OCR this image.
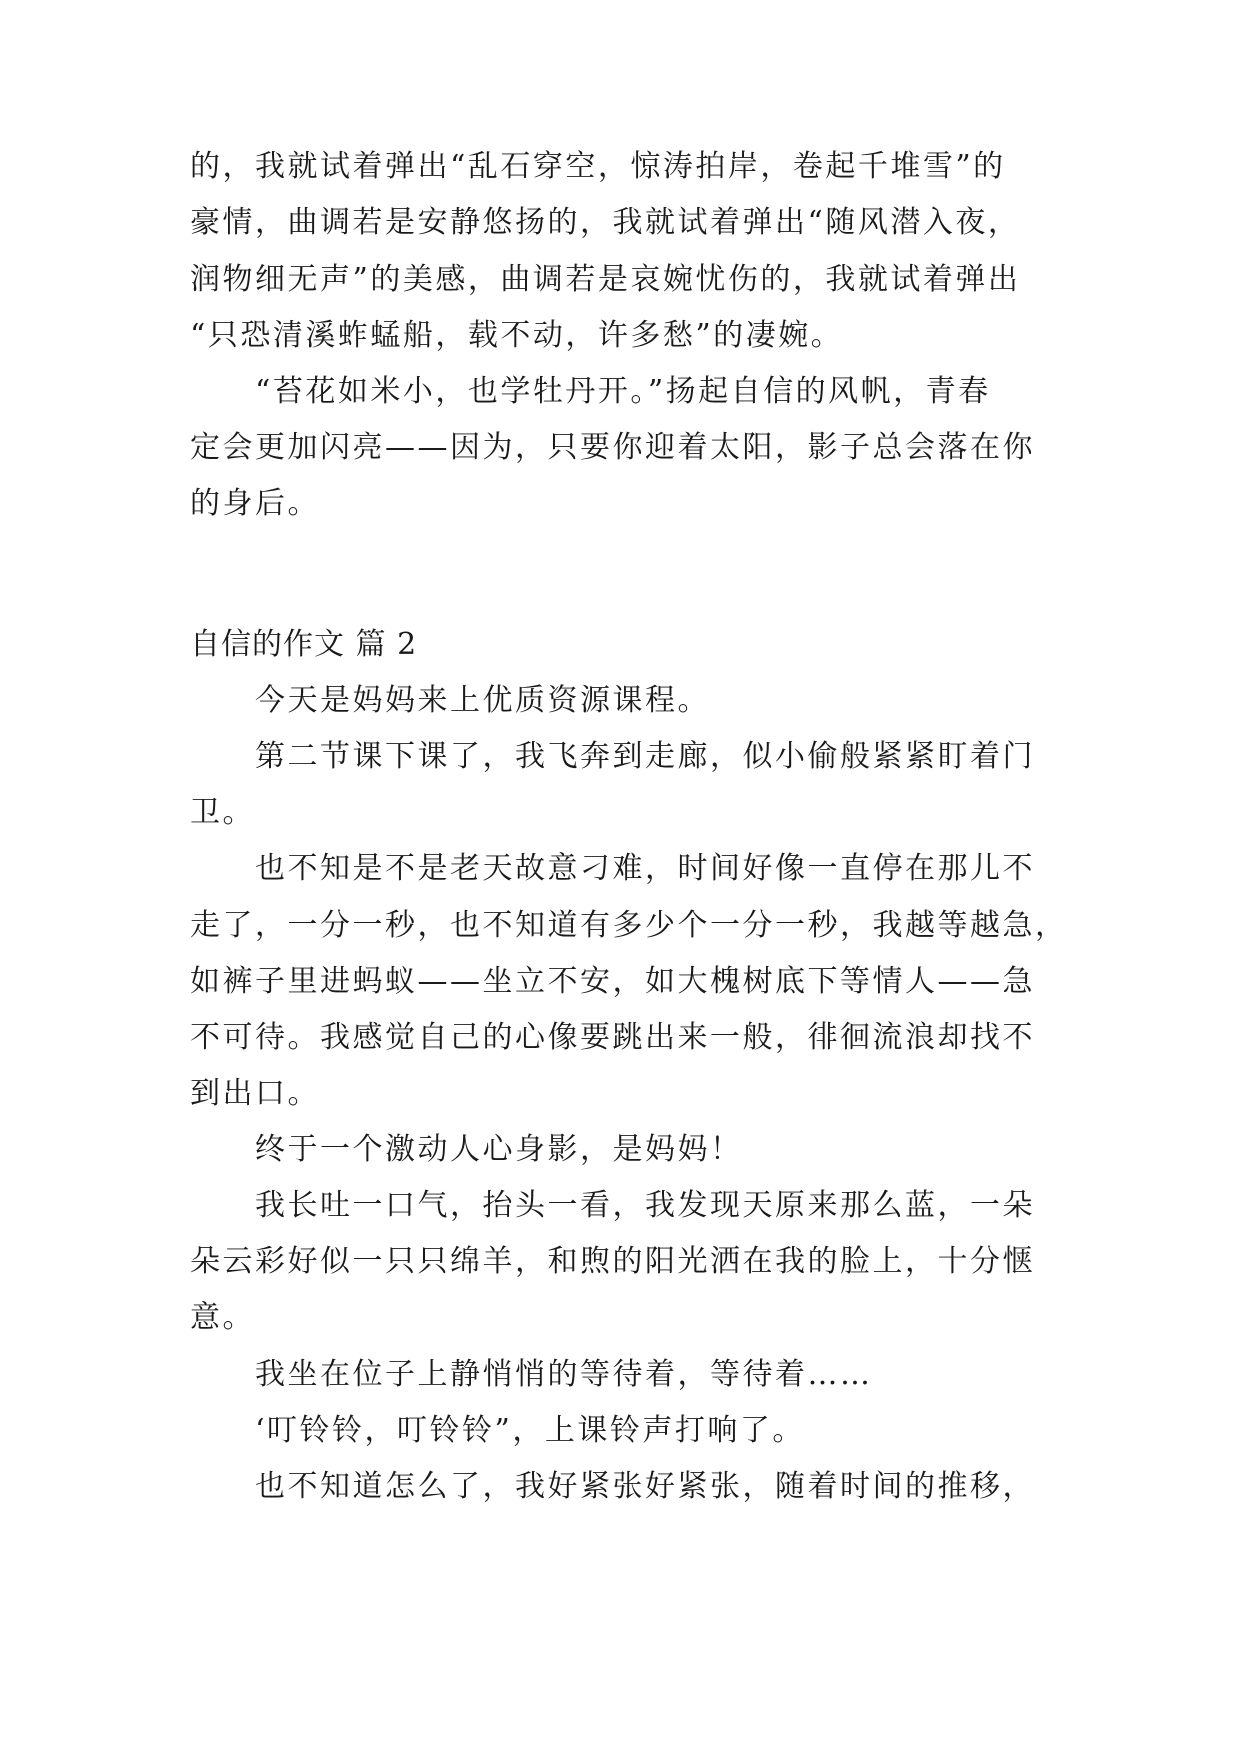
的，我就试着弹出“乱石穿空，惊涛拍岸，卷起千堆雪”的
豪情，曲调若是安静悠扬的，我就试着弹出“随风潜入夜，
润物细无声”的美感，曲调若是哀婉忧伤的，我就试着弹出
“只恐清溪蚱蜢船，载不动，许多愁”的凄婉。
　　“苔花如米小，也学牡丹开。”扬起自信的风帆，青春
定会更加闪亮——因为，只要你迎着太阳，影子总会落在你
的身后。
自信的作文 篇 2
　　今天是妈妈来上优质资源课程。
　　第二节课下课了，我飞奔到走廊，似小偷般紧紧盯着门
卫。
　　也不知是不是老天故意刁难，时间好像一直停在那儿不
走了，一分一秒，也不知道有多少个一分一秒，我越等越急，
如裤子里进蚂蚁——坐立不安，如大槐树底下等情人——急
不可待。我感觉自己的心像要跳出来一般，徘徊流浪却找不
到出口。
　　终于一个激动人心身影，是妈妈！
　　我长吐一口气，抬头一看，我发现天原来那么蓝，一朵
朵云彩好似一只只绵羊，和煦的阳光洒在我的脸上，十分惬
意。
　　我坐在位子上静悄悄的等待着，等待着……
　　‘叮铃铃，叮铃铃”，上课铃声打响了。
　　也不知道怎么了，我好紧张好紧张，随着时间的推移，
